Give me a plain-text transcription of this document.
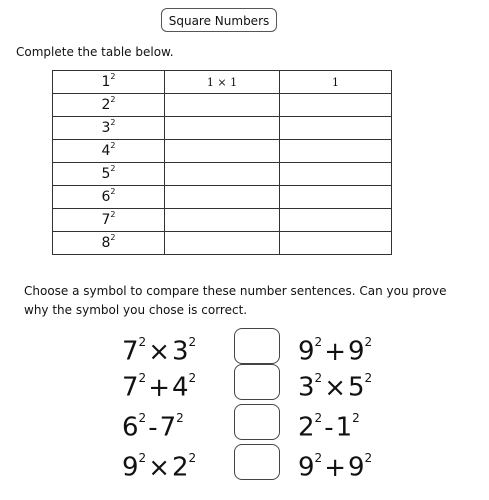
Square Numbers
Complete the table below.
$1^2$	1 × 1	1
$2^2$		
$3^2$		
$4^2$		
$5^2$		
$6^2$		
$7^2$		
$8^2$		
Choose a symbol to compare these number sentences. Can you prove why the symbol you chose is correct.
$7^2\times 3^2$	$9^2+9^2$
$7^2+4^2$	$3^2\times 5^2$
$6^2-7^2$	$2^2-1^2$
$9^2\times 2^2$	$9^2+9^2$
